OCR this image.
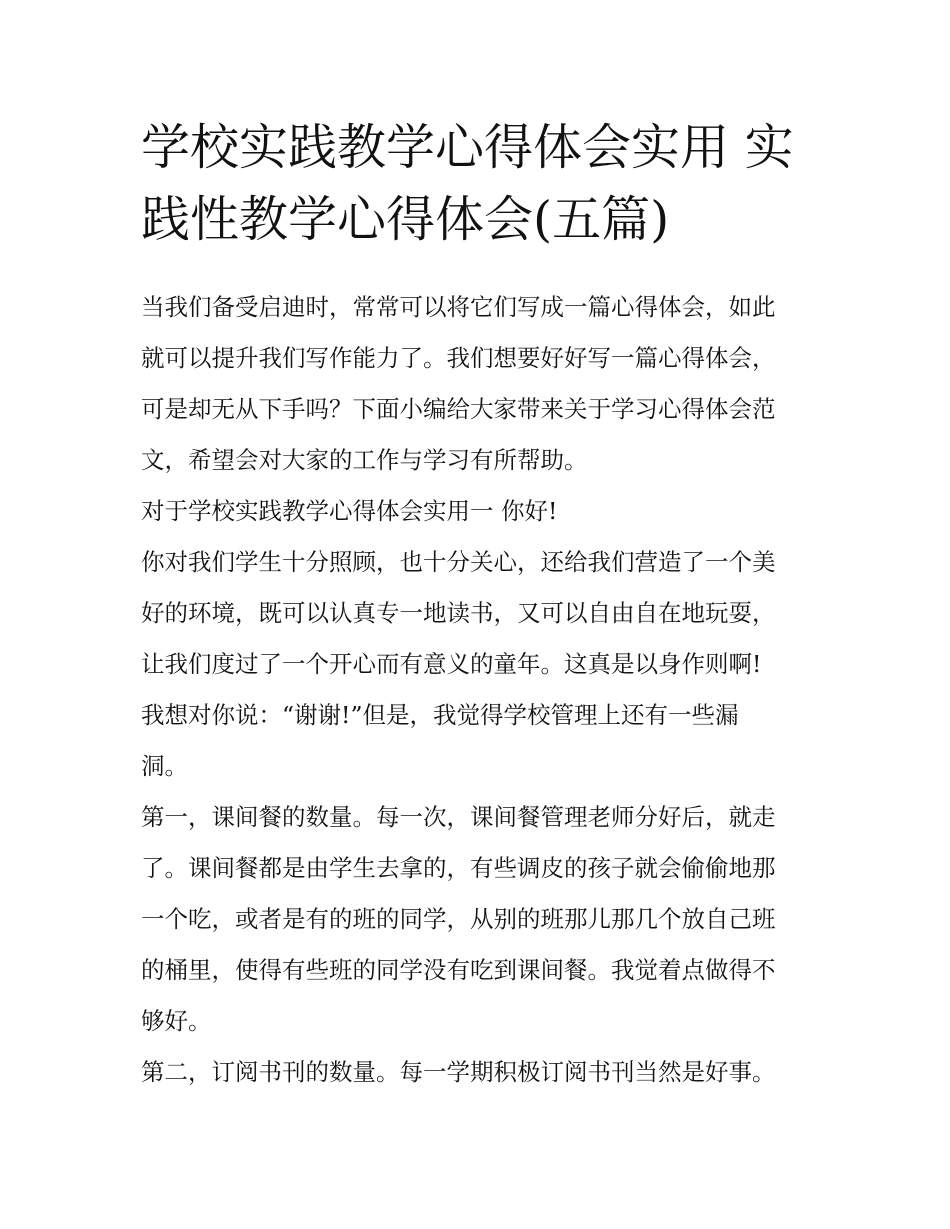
学校实践教学心得体会实用 实
践性教学心得体会(五篇)

当我们备受启迪时，常常可以将它们写成一篇心得体会，如此
就可以提升我们写作能力了。我们想要好好写一篇心得体会，
可是却无从下手吗？下面小编给大家带来关于学习心得体会范
文，希望会对大家的工作与学习有所帮助。

对于学校实践教学心得体会实用一 你好!

你对我们学生十分照顾，也十分关心，还给我们营造了一个美
好的环境，既可以认真专一地读书，又可以自由自在地玩耍，
让我们度过了一个开心而有意义的童年。这真是以身作则啊!

我想对你说：“谢谢!”但是，我觉得学校管理上还有一些漏
洞。

第一，课间餐的数量。每一次，课间餐管理老师分好后，就走
了。课间餐都是由学生去拿的，有些调皮的孩子就会偷偷地那
一个吃，或者是有的班的同学，从别的班那儿那几个放自己班
的桶里，使得有些班的同学没有吃到课间餐。我觉着点做得不
够好。

第二，订阅书刊的数量。每一学期积极订阅书刊当然是好事。
